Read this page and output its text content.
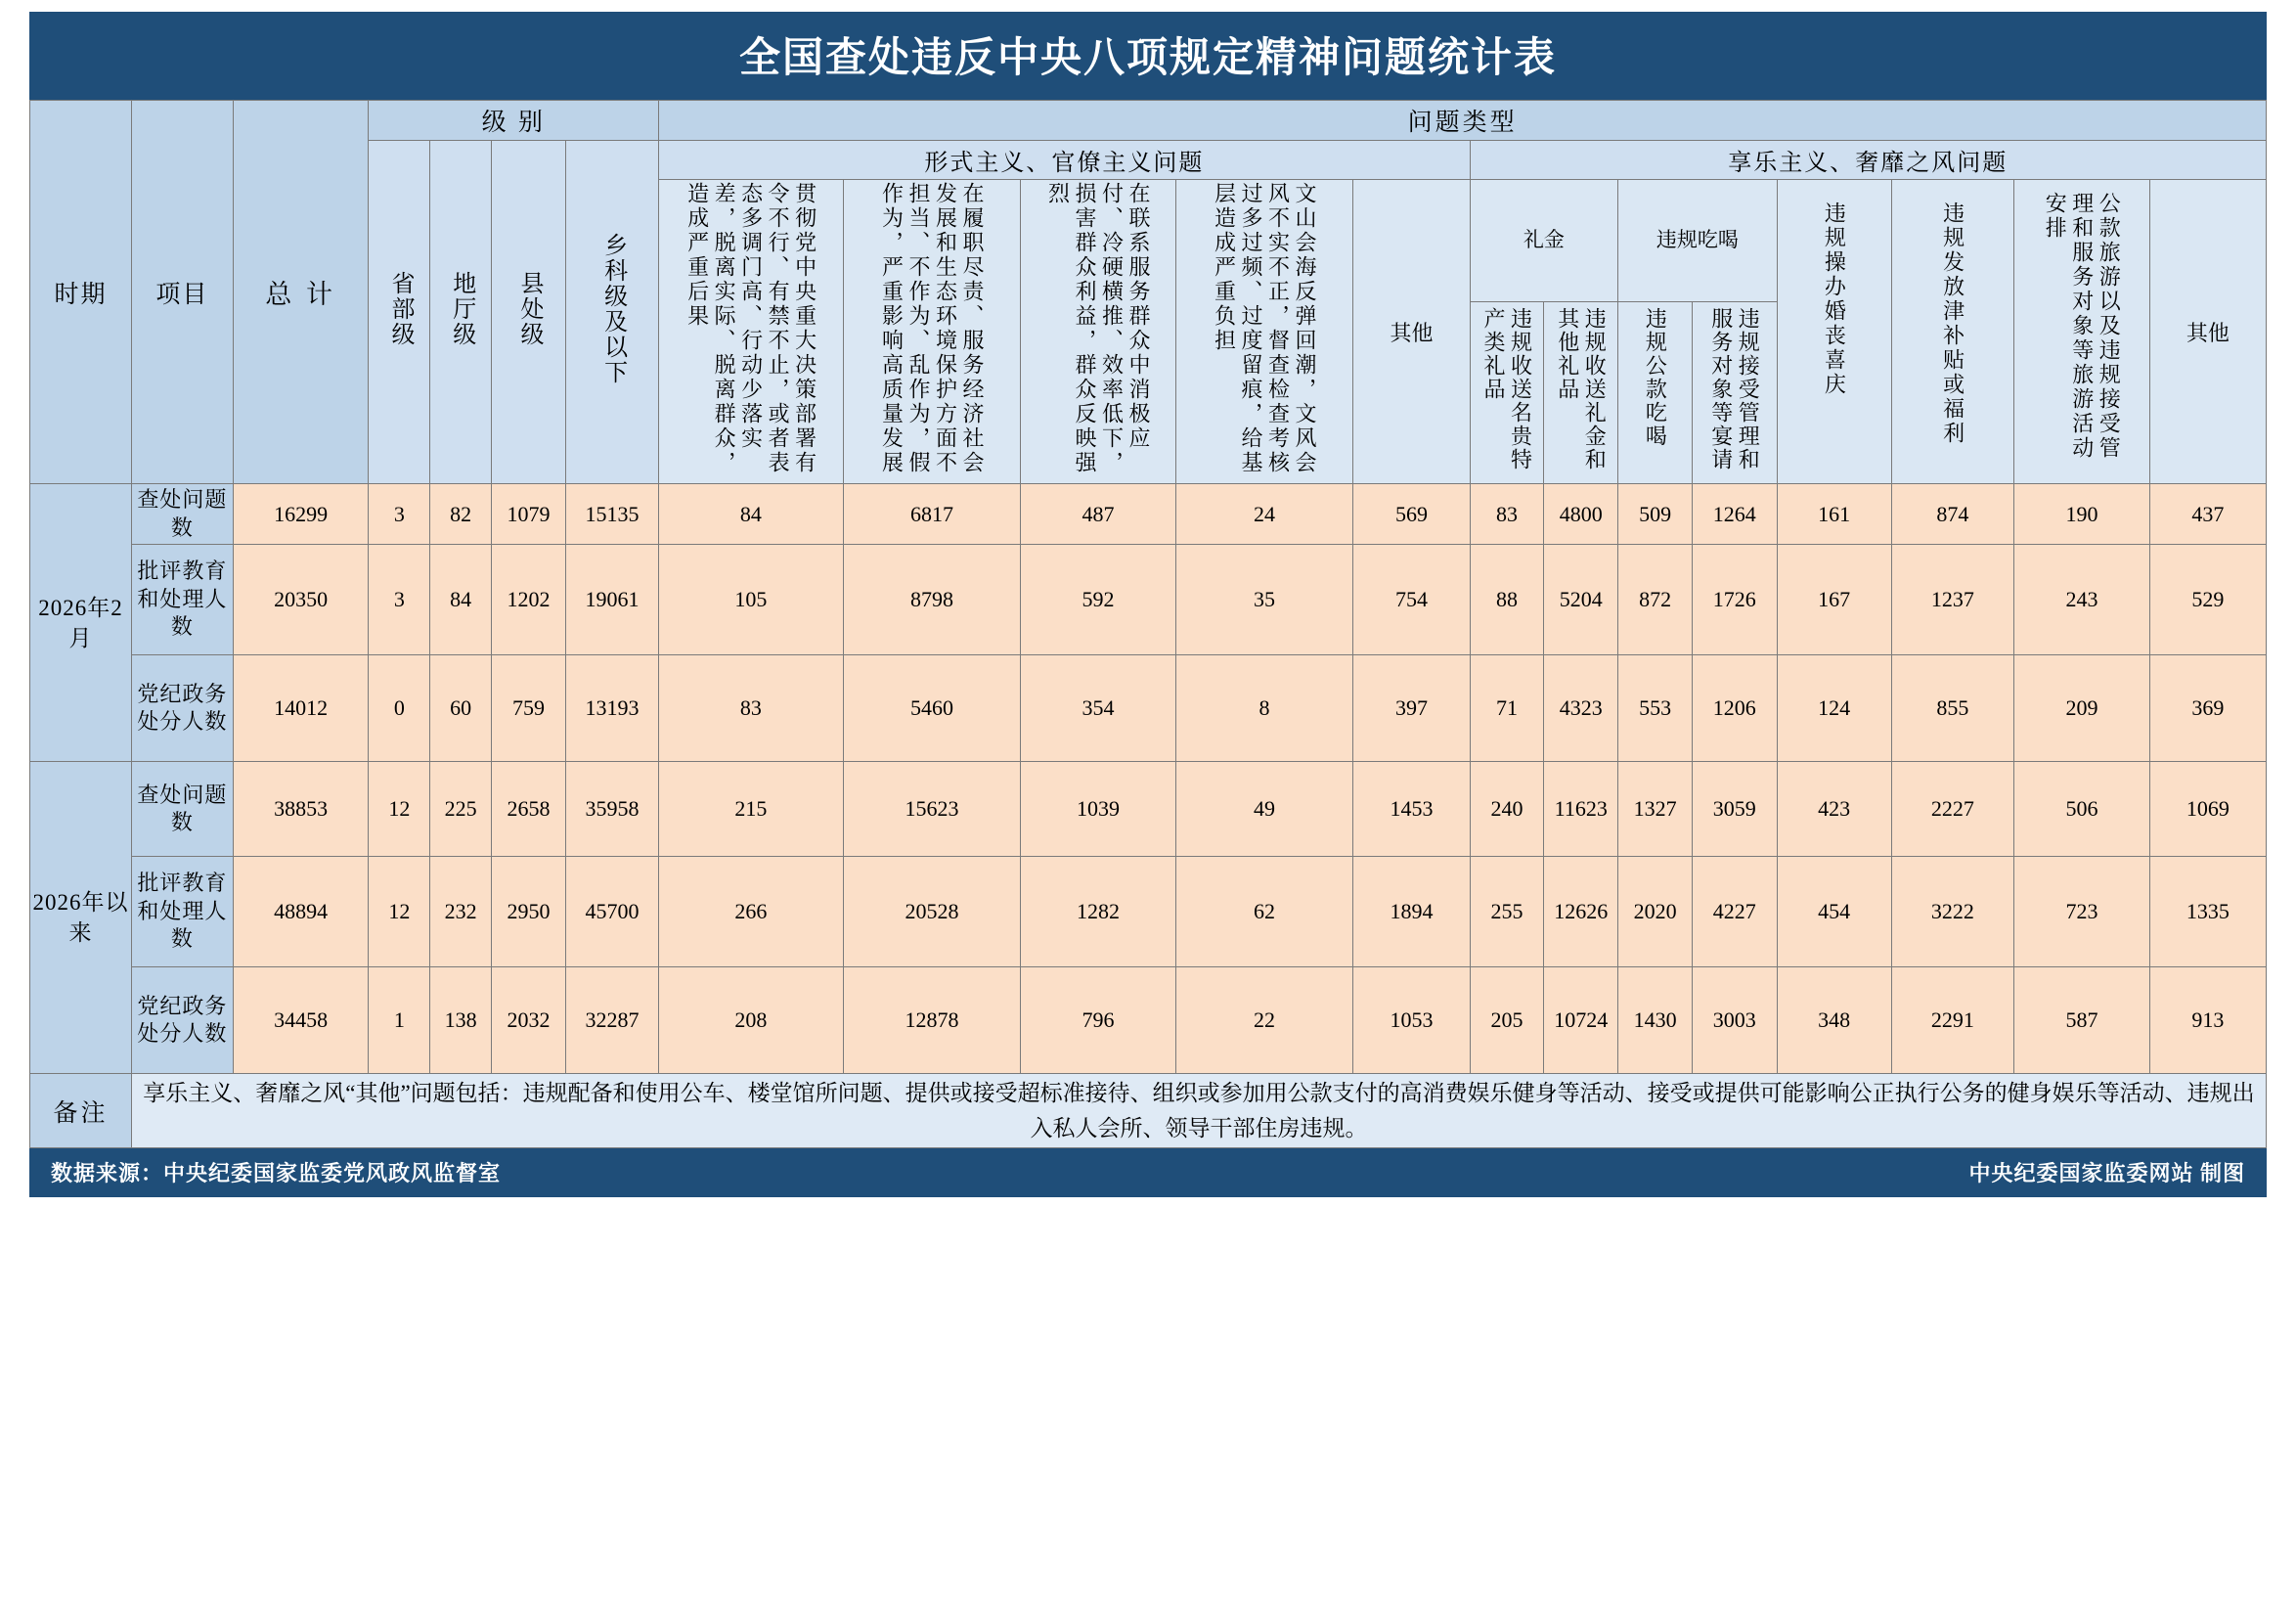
全国查处违反中央八项规定精神问题统计表
时期	项目	总 计	级 别				问题类型												
			省部级	地厅级	县处级	乡科级及以下	形式主义、官僚主义问题					享乐主义、奢靡之风问题							
							贯彻党中央重大决策部署有令不行、有禁不止，或者表态多调门高、行动少落实差，脱离实际、脱离群众，造成严重后果	在履职尽责、服务经济社会发展和生态环境保护方面不担当、不作为、乱作为，假作为，严重影响高质量发展	在联系服务群众中消极应付、冷硬横推、效率低下，损害群众利益，群众反映强烈	文山会海反弹回潮，文风会风不实不正，督查检查考核过多过频、过度留痕，给基层造成严重负担	其他	礼金		违规吃喝		违规操办婚丧喜庆	违规发放津补贴或福利	公款旅游以及违规接受管理和服务对象等旅游活动安排	其他
												违规收送名贵特产类礼品	违规收送礼金和其他礼品	违规公款吃喝	违规接受管理和服务对象等宴请				
2026年2月	查处问题数	16299	3	82	1079	15135	84	6817	487	24	569	83	4800	509	1264	161	874	190	437
	批评教育和处理人数	20350	3	84	1202	19061	105	8798	592	35	754	88	5204	872	1726	167	1237	243	529
	党纪政务处分人数	14012	0	60	759	13193	83	5460	354	8	397	71	4323	553	1206	124	855	209	369
2026年以来	查处问题数	38853	12	225	2658	35958	215	15623	1039	49	1453	240	11623	1327	3059	423	2227	506	1069
	批评教育和处理人数	48894	12	232	2950	45700	266	20528	1282	62	1894	255	12626	2020	4227	454	3222	723	1335
	党纪政务处分人数	34458	1	138	2032	32287	208	12878	796	22	1053	205	10724	1430	3003	348	2291	587	913
备注	享乐主义、奢靡之风“其他”问题包括：违规配备和使用公车、楼堂馆所问题、提供或接受超标准接待、组织或参加用公款支付的高消费娱乐健身等活动、接受或提供可能影响公正执行公务的健身娱乐等活动、违规出入私人会所、领导干部住房违规。																		
数据来源：中央纪委国家监委党风政风监督室	中央纪委国家监委网站 制图
